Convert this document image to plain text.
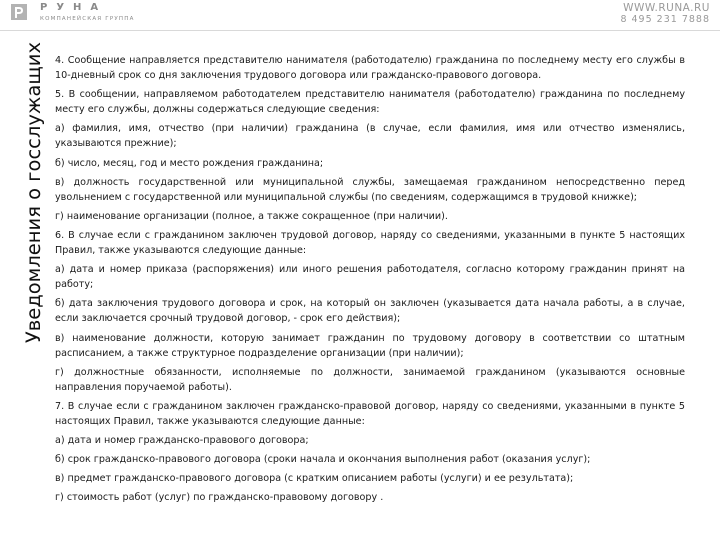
РУНА
КОМПАНЕЙСКАЯ ГРУППА
WWW.RUNA.RU
8 495 231 7888
Уведомления о госслужащих 4. Сообщение направляется представителю нанимателя (работодателю) гражданина по последнему месту его службы в 10-дневный срок со дня заключения трудового договора или гражданско-правового договора.

5. В сообщении, направляемом работодателем представителю нанимателя (работодателю) гражданина по последнему месту его службы, должны содержаться следующие сведения:

а) фамилия, имя, отчество (при наличии) гражданина (в случае, если фамилия, имя или отчество изменялись, указываются прежние);

б) число, месяц, год и место рождения гражданина;

в) должность государственной или муниципальной службы, замещаемая гражданином непосредственно перед увольнением с государственной или муниципальной службы (по сведениям, содержащимся в трудовой книжке);

г) наименование организации (полное, а также сокращенное (при наличии).

6. В случае если с гражданином заключен трудовой договор, наряду со сведениями, указанными в пункте 5 настоящих Правил, также указываются следующие данные:

а) дата и номер приказа (распоряжения) или иного решения работодателя, согласно которому гражданин принят на работу;

б) дата заключения трудового договора и срок, на который он заключен (указывается дата начала работы, а в случае, если заключается срочный трудовой договор, - срок его действия);

в) наименование должности, которую занимает гражданин по трудовому договору в соответствии со штатным расписанием, а также структурное подразделение организации (при наличии);

г) должностные обязанности, исполняемые по должности, занимаемой гражданином (указываются основные направления поручаемой работы).

7. В случае если с гражданином заключен гражданско-правовой договор, наряду со сведениями, указанными в пункте 5 настоящих Правил, также указываются следующие данные:

а) дата и номер гражданско-правового договора;

б) срок гражданско-правового договора (сроки начала и окончания выполнения работ (оказания услуг);

в) предмет гражданско-правового договора (с кратким описанием работы (услуги) и ее результата);

г) стоимость работ (услуг) по гражданско-правовому договору .
